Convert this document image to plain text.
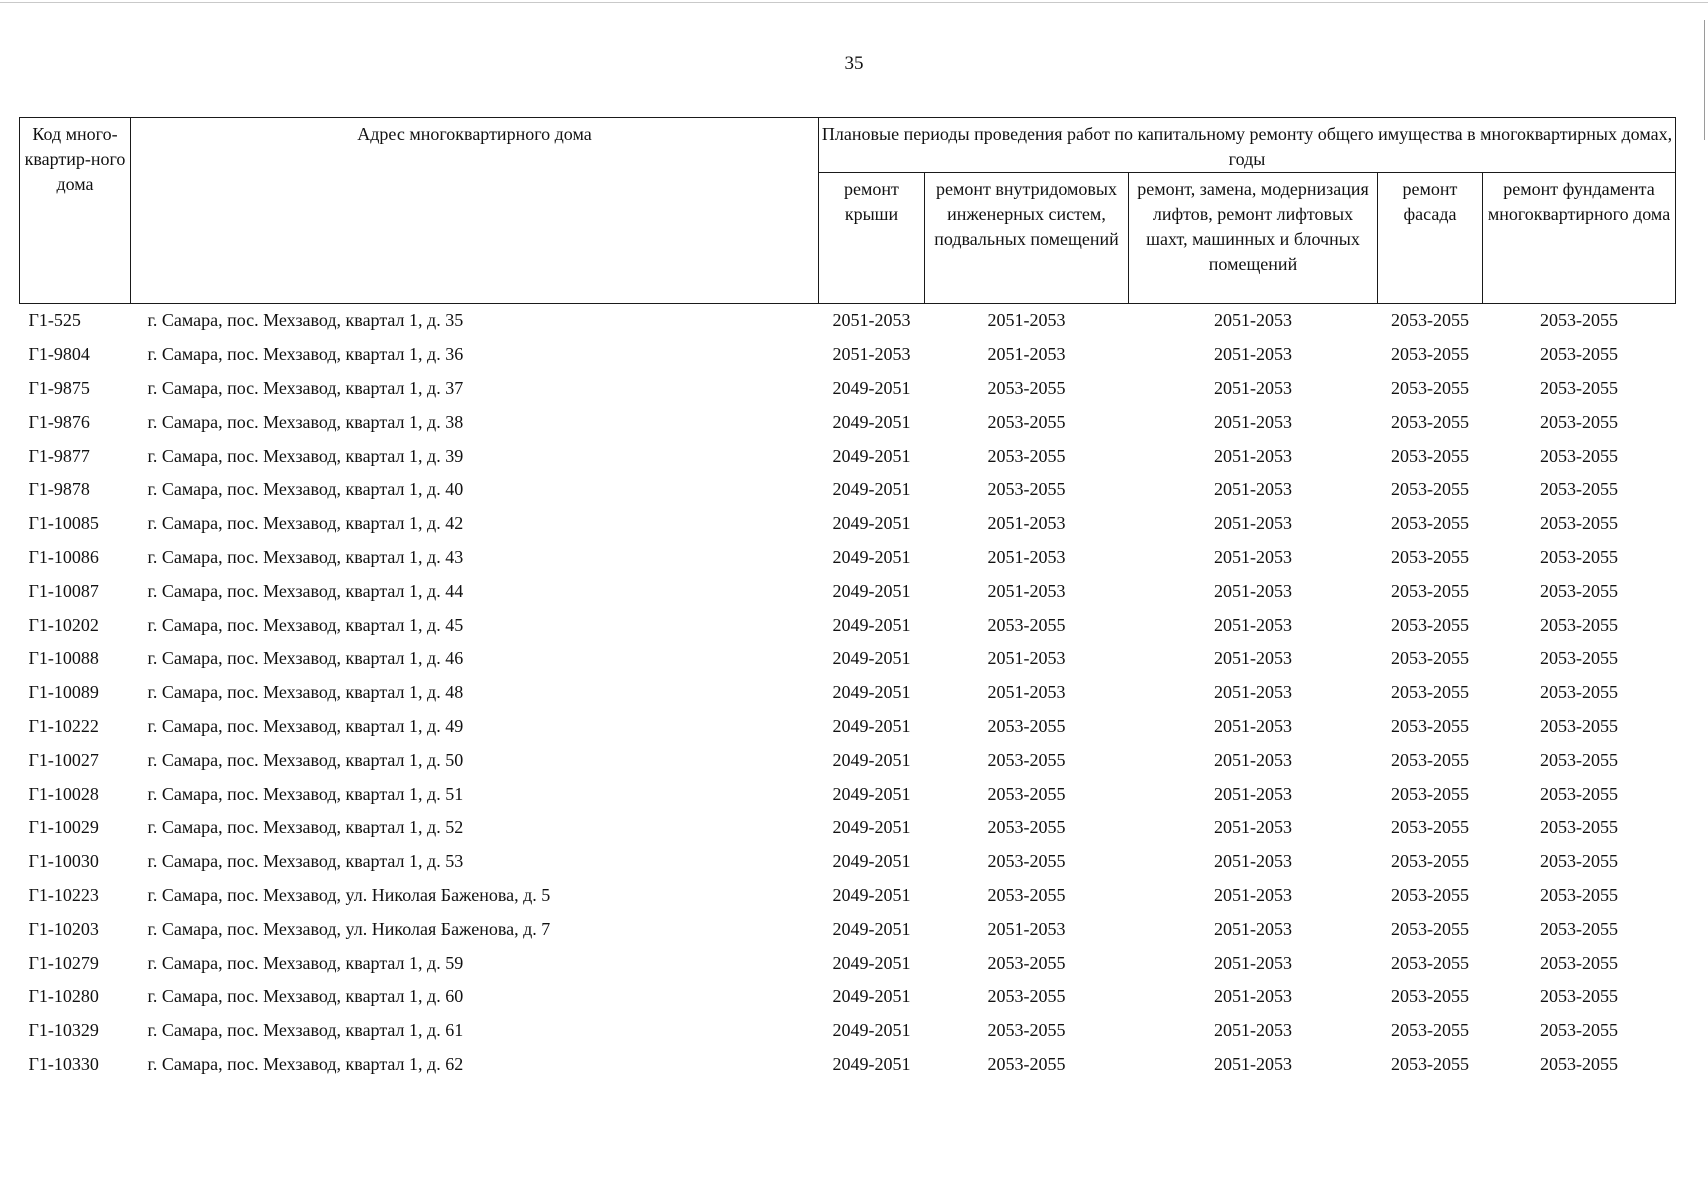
35
Код много-квартир-ного дома	Адрес многоквартирного дома	Плановые периоды проведения работ по капитальному ремонту общего имущества в многоквартирных домах, годы				
		ремонт крыши	ремонт внутридомовых инженерных систем, подвальных помещений	ремонт, замена, модернизация лифтов, ремонт лифтовых шахт, машинных и блочных помещений	ремонт фасада	ремонт фундамента многоквартирного дома
Г1-525	г. Самара, пос. Мехзавод, квартал 1, д. 35	2051-2053	2051-2053	2051-2053	2053-2055	2053-2055
Г1-9804	г. Самара, пос. Мехзавод, квартал 1, д. 36	2051-2053	2051-2053	2051-2053	2053-2055	2053-2055
Г1-9875	г. Самара, пос. Мехзавод, квартал 1, д. 37	2049-2051	2053-2055	2051-2053	2053-2055	2053-2055
Г1-9876	г. Самара, пос. Мехзавод, квартал 1, д. 38	2049-2051	2053-2055	2051-2053	2053-2055	2053-2055
Г1-9877	г. Самара, пос. Мехзавод, квартал 1, д. 39	2049-2051	2053-2055	2051-2053	2053-2055	2053-2055
Г1-9878	г. Самара, пос. Мехзавод, квартал 1, д. 40	2049-2051	2053-2055	2051-2053	2053-2055	2053-2055
Г1-10085	г. Самара, пос. Мехзавод, квартал 1, д. 42	2049-2051	2051-2053	2051-2053	2053-2055	2053-2055
Г1-10086	г. Самара, пос. Мехзавод, квартал 1, д. 43	2049-2051	2051-2053	2051-2053	2053-2055	2053-2055
Г1-10087	г. Самара, пос. Мехзавод, квартал 1, д. 44	2049-2051	2051-2053	2051-2053	2053-2055	2053-2055
Г1-10202	г. Самара, пос. Мехзавод, квартал 1, д. 45	2049-2051	2053-2055	2051-2053	2053-2055	2053-2055
Г1-10088	г. Самара, пос. Мехзавод, квартал 1, д. 46	2049-2051	2051-2053	2051-2053	2053-2055	2053-2055
Г1-10089	г. Самара, пос. Мехзавод, квартал 1, д. 48	2049-2051	2051-2053	2051-2053	2053-2055	2053-2055
Г1-10222	г. Самара, пос. Мехзавод, квартал 1, д. 49	2049-2051	2053-2055	2051-2053	2053-2055	2053-2055
Г1-10027	г. Самара, пос. Мехзавод, квартал 1, д. 50	2049-2051	2053-2055	2051-2053	2053-2055	2053-2055
Г1-10028	г. Самара, пос. Мехзавод, квартал 1, д. 51	2049-2051	2053-2055	2051-2053	2053-2055	2053-2055
Г1-10029	г. Самара, пос. Мехзавод, квартал 1, д. 52	2049-2051	2053-2055	2051-2053	2053-2055	2053-2055
Г1-10030	г. Самара, пос. Мехзавод, квартал 1, д. 53	2049-2051	2053-2055	2051-2053	2053-2055	2053-2055
Г1-10223	г. Самара, пос. Мехзавод, ул. Николая Баженова, д. 5	2049-2051	2053-2055	2051-2053	2053-2055	2053-2055
Г1-10203	г. Самара, пос. Мехзавод, ул. Николая Баженова, д. 7	2049-2051	2051-2053	2051-2053	2053-2055	2053-2055
Г1-10279	г. Самара, пос. Мехзавод, квартал 1, д. 59	2049-2051	2053-2055	2051-2053	2053-2055	2053-2055
Г1-10280	г. Самара, пос. Мехзавод, квартал 1, д. 60	2049-2051	2053-2055	2051-2053	2053-2055	2053-2055
Г1-10329	г. Самара, пос. Мехзавод, квартал 1, д. 61	2049-2051	2053-2055	2051-2053	2053-2055	2053-2055
Г1-10330	г. Самара, пос. Мехзавод, квартал 1, д. 62	2049-2051	2053-2055	2051-2053	2053-2055	2053-2055
